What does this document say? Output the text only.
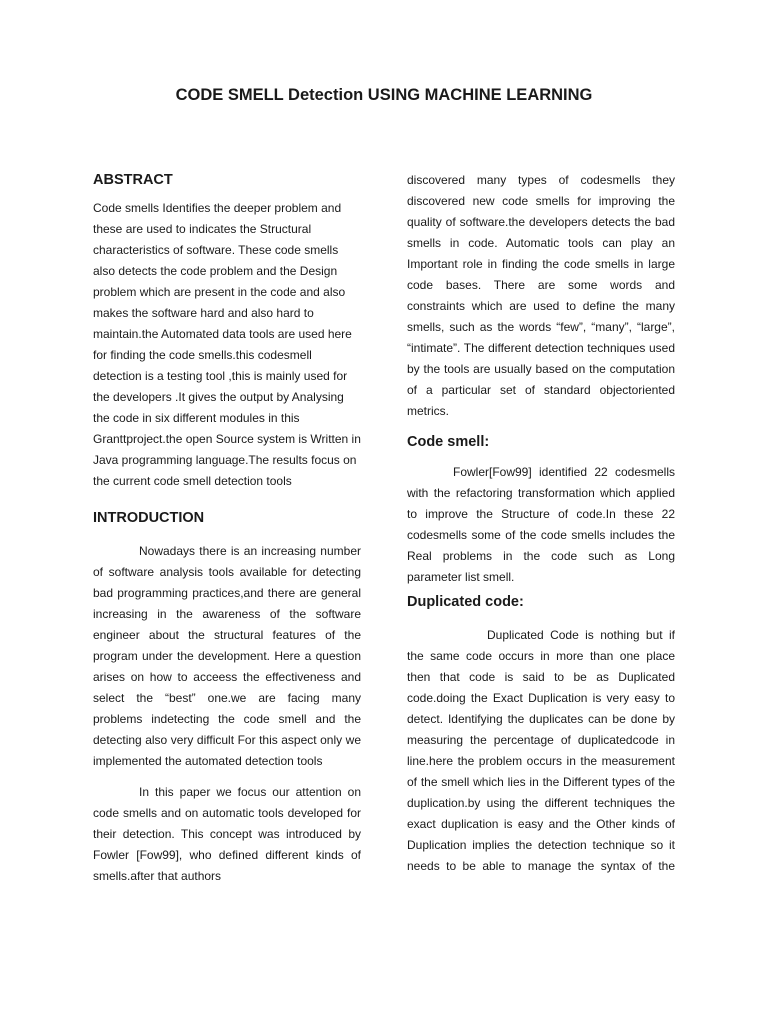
CODE SMELL Detection USING MACHINE LEARNING
ABSTRACT

Code smells Identifies the deeper problem and these are used to indicates the Structural characteristics of software. These code smells also detects the code problem and the Design problem which are present in the code and also makes the software hard and also hard to maintain.the Automated data tools are used here for finding the code smells.this codesmell detection is a testing tool ,this is mainly used for the developers .It gives the output by Analysing the code in six different modules in this Granttproject.the open Source system is Written in Java programming language.The results focus on the current code smell detection tools

INTRODUCTION

Nowadays there is an increasing number of software analysis tools available for detecting bad programming practices,and there are general increasing in the awareness of the software engineer about the structural features of the program under the development. Here a question arises on how to acceess the effectiveness and select the “best” one.we are facing many problems indetecting the code smell and the detecting also very difficult For this aspect only we implemented the automated detection tools

In this paper we focus our attention on code smells and on automatic tools developed for their detection. This concept was introduced by Fowler [Fow99], who defined different kinds of smells.after that authors

discovered many types of codesmells they discovered new code smells for improving the quality of software.the developers detects the bad smells in code. Automatic tools can play an Important role in finding the code smells in large code bases. There are some words and constraints which are used to define the many smells, such as the words “few”, “many”, “large”, “intimate”. The different detection techniques used by the tools are usually based on the computation of a particular set of standard objectoriented metrics.

Code smell:

Fowler[Fow99] identified 22 codesmells with the refactoring transformation which applied to improve the Structure of code.In these 22 codesmells some of the code smells includes the Real problems in the code such as Long parameter list smell.

Duplicated code:

Duplicated Code is nothing but if the same code occurs in more than one place then that code is said to be as Duplicated code.doing the Exact Duplication is very easy to detect. Identifying the duplicates can be done by measuring the percentage of duplicatedcode in line.here the problem occurs in the measurement of the smell which lies in the Different types of the duplication.by using the different techniques the exact duplication is easy and the Other kinds of Duplication implies the detection technique so it needs to be able to manage the syntax of the
